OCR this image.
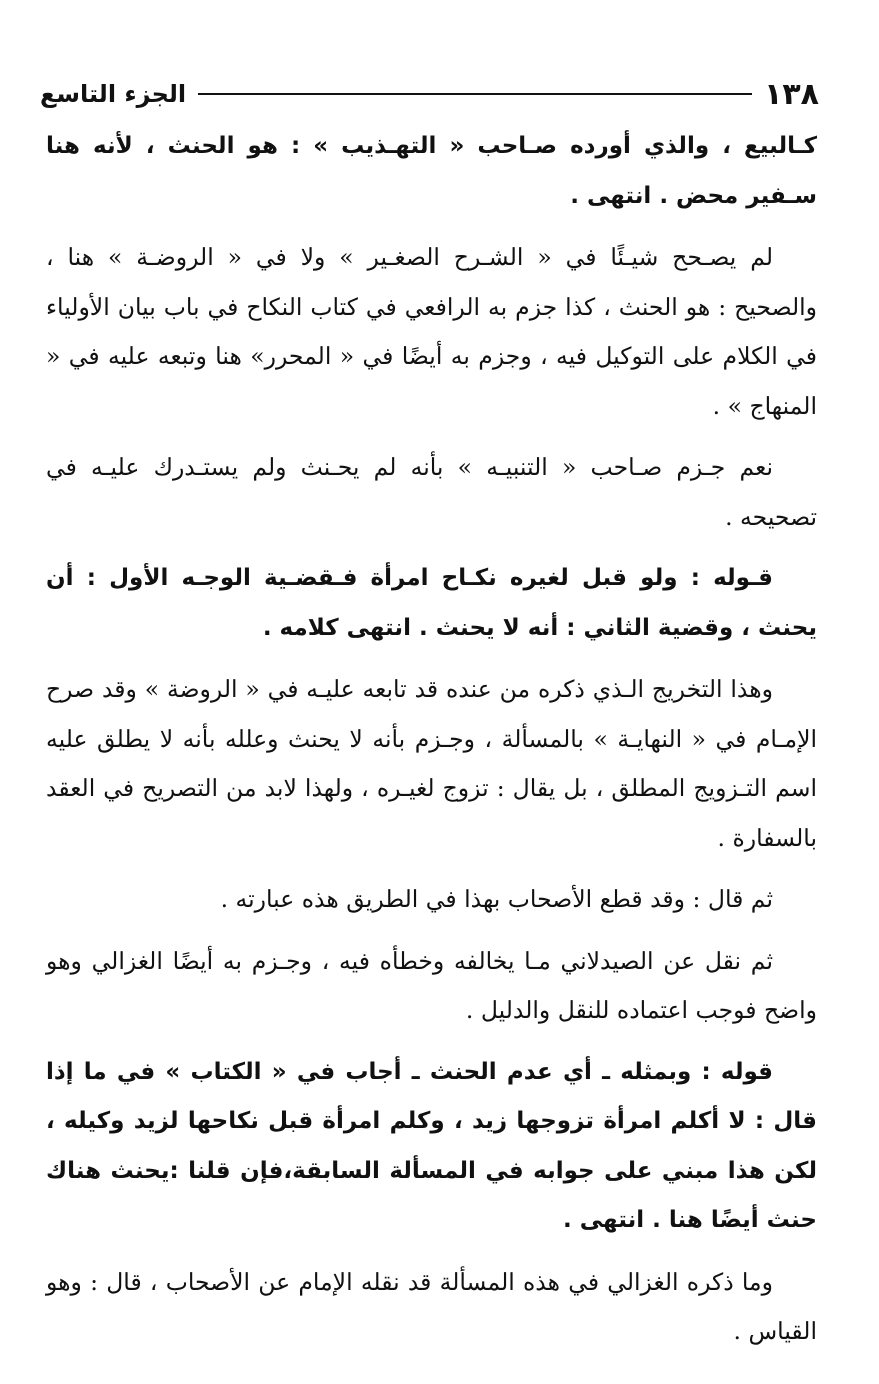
١٣٨
الجزء التاسع

كـالبيع ، والذي أورده صـاحب « التهـذيب » : هو الحنث ، لأنه هنا سـفير محض . انتهى .

لم يصـحح شيـئًا في « الشـرح الصغـير » ولا في « الروضـة » هنا ، والصحيح : هو الحنث ، كذا جزم به الرافعي في كتاب النكاح في باب بيان الأولياء في الكلام على التوكيل فيه ، وجزم به أيضًا في « المحرر» هنا وتبعه عليه في « المنهاج » .

نعم جـزم صـاحب « التنبيـه » بأنه لم يحـنث ولم يستـدرك عليـه في تصحيحه .

قـوله : ولو قبل لغيره نكـاح امرأة فـقضـية الوجـه الأول : أن يحنث ، وقضية الثاني : أنه لا يحنث . انتهى كلامه .

وهذا التخريج الـذي ذكره من عنده قد تابعه عليـه في « الروضة » وقد صرح الإمـام في « النهايـة » بالمسألة ، وجـزم بأنه لا يحنث وعلله بأنه لا يطلق عليه اسم التـزويج المطلق ، بل يقال : تزوج لغيـره ، ولهذا لابد من التصريح في العقد بالسفارة .

ثم قال : وقد قطع الأصحاب بهذا في الطريق هذه عبارته .

ثم نقل عن الصيدلاني مـا يخالفه وخطأه فيه ، وجـزم به أيضًا الغزالي وهو واضح فوجب اعتماده للنقل والدليل .

قوله : وبمثله ـ أي عدم الحنث ـ أجاب في « الكتاب » في ما إذا قال : لا أكلم امرأة تزوجها زيد ، وكلم امرأة قبل نكاحها لزيد وكيله ، لكن هذا مبني على جوابه في المسألة السابقة،فإن قلنا :يحنث هناك حنث أيضًا هنا . انتهى .

وما ذكره الغزالي في هذه المسألة قد نقله الإمام عن الأصحاب ، قال : وهو القياس .
